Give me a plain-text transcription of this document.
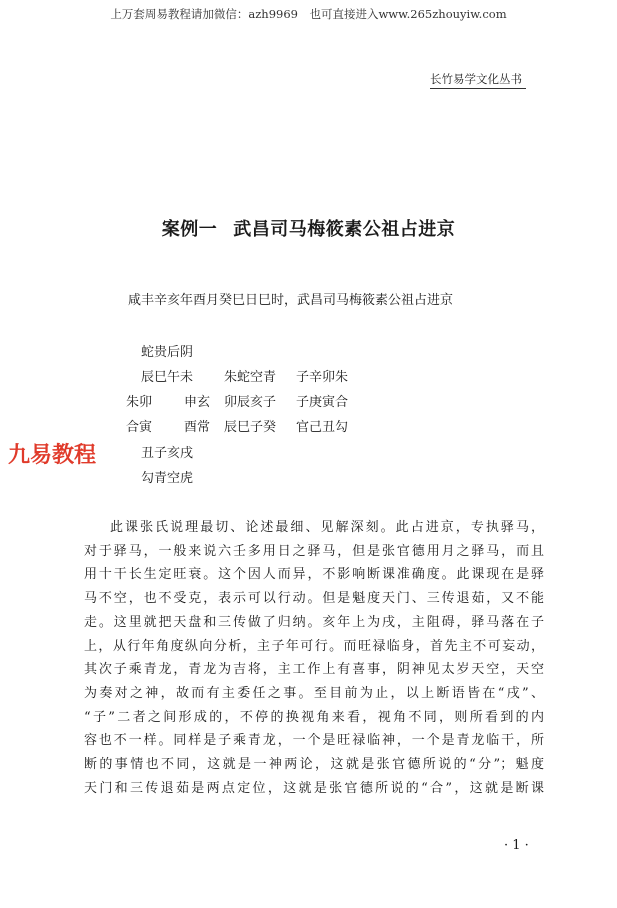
上万套周易教程请加微信：azh9969　也可直接进入www.265zhouyiw.com
长竹易学文化丛书
案例一 武昌司马梅筱素公祖占进京
咸丰辛亥年酉月癸巳日巳时，武昌司马梅筱素公祖占进京
蛇贵后阴
辰巳午未 朱蛇空青 子辛卯朱
朱卯 申玄 卯辰亥子 子庚寅合
合寅 酉常 辰巳子癸 官己丑勾
丑子亥戌
勾青空虎
九易教程
此课张氏说理最切、论述最细、见解深刻。此占进京，专执驿马，
对于驿马，一般来说六壬多用日之驿马，但是张官德用月之驿马，而且
用十干长生定旺衰。这个因人而异，不影响断课准确度。此课现在是驿
马不空，也不受克，表示可以行动。但是魁度天门、三传退茹，又不能
走。这里就把天盘和三传做了归纳。亥年上为戌，主阻碍，驿马落在子
上，从行年角度纵向分析，主子年可行。而旺禄临身，首先主不可妄动，
其次子乘青龙，青龙为吉将，主工作上有喜事，阴神见太岁天空，天空
为奏对之神，故而有主委任之事。至目前为止，以上断语皆在“戌”、
“子”二者之间形成的，不停的换视角来看，视角不同，则所看到的内
容也不一样。同样是子乘青龙，一个是旺禄临神，一个是青龙临干，所
断的事情也不同，这就是一神两论，这就是张官德所说的“分”；魁度
天门和三传退茹是两点定位，这就是张官德所说的“合”，这就是断课
· 1 ·
